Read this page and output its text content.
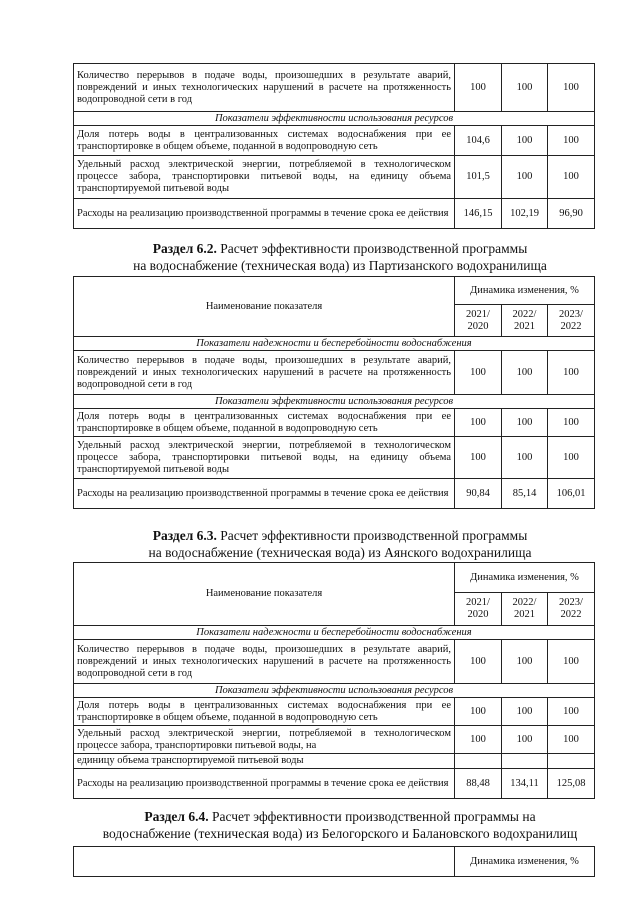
Количество перерывов в подаче воды, произошедших в результате аварий, повреждений и иных технологических нарушений в расчете на протяженность водопроводной сети в год	100	100	100
Показатели эффективности использования ресурсов			
Доля потерь воды в централизованных системах водоснабжения при ее транспортировке в общем объеме, поданной в водопроводную сеть	104,6	100	100
Удельный расход электрической энергии, потребляемой в технологическом процессе забора, транспортировки питьевой воды, на единицу объема транспортируемой питьевой воды	101,5	100	100
Расходы на реализацию производственной программы в течение срока ее действия	146,15	102,19	96,90
Раздел 6.2. Расчет эффективности производственной программы
на водоснабжение (техническая вода) из Партизанского водохранилища
Наименование показателя	Динамика изменения, %		
	2021/ 2020	2022/ 2021	2023/ 2022
Показатели надежности и бесперебойности водоснабжения			
Количество перерывов в подаче воды, произошедших в результате аварий, повреждений и иных технологических нарушений в расчете на протяженность водопроводной сети в год	100	100	100
Показатели эффективности использования ресурсов			
Доля потерь воды в централизованных системах водоснабжения при ее транспортировке в общем объеме, поданной в водопроводную сеть	100	100	100
Удельный расход электрической энергии, потребляемой в технологическом процессе забора, транспортировки питьевой воды, на единицу объема транспортируемой питьевой воды	100	100	100
Расходы на реализацию производственной программы в течение срока ее действия	90,84	85,14	106,01
Раздел 6.3. Расчет эффективности производственной программы
на водоснабжение (техническая вода) из Аянского водохранилища
Наименование показателя	Динамика изменения, %		
	2021/ 2020	2022/ 2021	2023/ 2022
Показатели надежности и бесперебойности водоснабжения			
Количество перерывов в подаче воды, произошедших в результате аварий, повреждений и иных технологических нарушений в расчете на протяженность водопроводной сети в год	100	100	100
Показатели эффективности использования ресурсов			
Доля потерь воды в централизованных системах водоснабжения при ее транспортировке в общем объеме, поданной в водопроводную сеть	100	100	100
Удельный расход электрической энергии, потребляемой в технологическом процессе забора, транспортировки питьевой воды, на	100	100	100
единицу объема транспортируемой питьевой воды			
Расходы на реализацию производственной программы в течение срока ее действия	88,48	134,11	125,08
Раздел 6.4. Расчет эффективности производственной программы на
водоснабжение (техническая вода) из Белогорского и Балановского водохранилищ
	Динамика изменения, %
